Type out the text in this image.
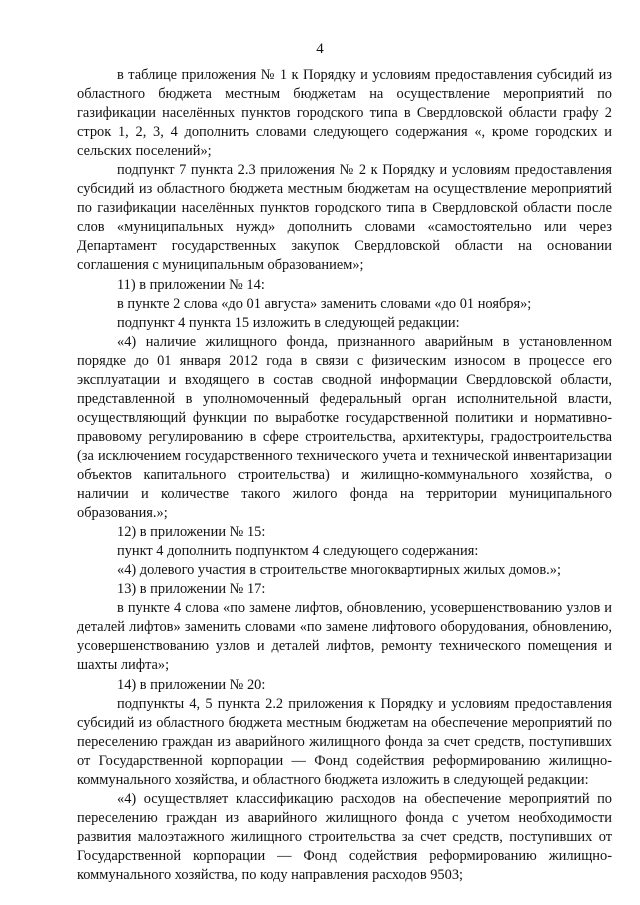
4

в таблице приложения № 1 к Порядку и условиям предоставления субсидий из областного бюджета местным бюджетам на осуществление мероприятий по газификации населённых пунктов городского типа в Свердловской области графу 2 строк 1, 2, 3, 4 дополнить словами следующего содержания «, кроме городских и сельских поселений»;

подпункт 7 пункта 2.3 приложения № 2 к Порядку и условиям предоставления субсидий из областного бюджета местным бюджетам на осуществление мероприятий по газификации населённых пунктов городского типа в Свердловской области после слов «муниципальных нужд» дополнить словами «самостоятельно или через Департамент государственных закупок Свердловской области на основании соглашения с муниципальным образованием»;

11) в приложении № 14:

в пункте 2 слова «до 01 августа» заменить словами «до 01 ноября»;

подпункт 4 пункта 15 изложить в следующей редакции:

«4) наличие жилищного фонда, признанного аварийным в установленном порядке до 01 января 2012 года в связи с физическим износом в процессе его эксплуатации и входящего в состав сводной информации Свердловской области, представленной в уполномоченный федеральный орган исполнительной власти, осуществляющий функции по выработке государственной политики и нормативно-правовому регулированию в сфере строительства, архитектуры, градостроительства (за исключением государственного технического учета и технической инвентаризации объектов капитального строительства) и жилищно-коммунального хозяйства, о наличии и количестве такого жилого фонда на территории муниципального образования.»;

12) в приложении № 15:

пункт 4 дополнить подпунктом 4 следующего содержания:

«4) долевого участия в строительстве многоквартирных жилых домов.»;

13) в приложении № 17:

в пункте 4 слова «по замене лифтов, обновлению, усовершенствованию узлов и деталей лифтов» заменить словами «по замене лифтового оборудования, обновлению, усовершенствованию узлов и деталей лифтов, ремонту технического помещения и шахты лифта»;

14) в приложении № 20:

подпункты 4, 5 пункта 2.2 приложения к Порядку и условиям предоставления субсидий из областного бюджета местным бюджетам на обеспечение мероприятий по переселению граждан из аварийного жилищного фонда за счет средств, поступивших от Государственной корпорации — Фонд содействия реформированию жилищно-коммунального хозяйства, и областного бюджета изложить в следующей редакции:

«4) осуществляет классификацию расходов на обеспечение мероприятий по переселению граждан из аварийного жилищного фонда с учетом необходимости развития малоэтажного жилищного строительства за счет средств, поступивших от Государственной корпорации — Фонд содействия реформированию жилищно-коммунального хозяйства, по коду направления расходов 9503;
